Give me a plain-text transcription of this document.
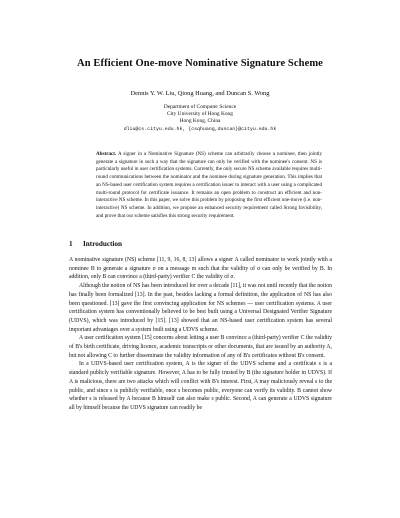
An Efficient One-move Nominative Signature Scheme

Dennis Y. W. Liu, Qiong Huang, and Duncan S. Wong

Department of Computer Science
City University of Hong Kong
Hong Kong, China
dliu@cs.cityu.edu.hk, {csqhuang,duncan}@cityu.edu.hk

Abstract. A signer in a Nominative Signature (NS) scheme can arbitrarily choose a nominee, then jointly generate a signature in such a way that the signature can only be verified with the nominee's consent. NS is particularly useful in user certification systems. Currently, the only secure NS scheme available requires multi-round communications between the nominator and the nominee during signature generation. This implies that an NS-based user certification system requires a certification issuer to interact with a user using a complicated multi-round protocol for certificate issuance. It remains an open problem to construct an efficient and non-interactive NS scheme. In this paper, we solve this problem by proposing the first efficient one-move (i.e. non-interactive) NS scheme. In addition, we propose an enhanced security requirement called Strong Invisibility, and prove that our scheme satisfies this strong security requirement.

1 Introduction

A nominative signature (NS) scheme [11, 9, 16, 8, 13] allows a signer A called nominator to work jointly with a nominee B to generate a signature σ on a message m such that the validity of σ can only be verified by B. In addition, only B can convince a (third-party) verifier C the validity of σ.

Although the notion of NS has been introduced for over a decade [11], it was not until recently that the notion has finally been formalized [13]. In the past, besides lacking a formal definition, the application of NS has also been questioned. [13] gave the first convincing application for NS schemes — user certification systems. A user certification system has conventionally believed to be best built using a Universal Designated Verifier Signature (UDVS), which was introduced by [15]. [13] showed that an NS-based user certification system has several important advantages over a system built using a UDVS scheme.

A user certification system [15] concerns about letting a user B convince a (third-party) verifier C the validity of B's birth certificate, driving licence, academic transcripts or other documents, that are issued by an authority A, but not allowing C to further disseminate the validity information of any of B's certificates without B's consent.

In a UDVS-based user certification system, A is the signer of the UDVS scheme and a certificate s is a standard publicly verifiable signature. However, A has to be fully trusted by B (the signature holder in UDVS). If A is malicious, there are two attacks which will conflict with B's interest. First, A may maliciously reveal s to the public, and since s is publicly verifiable, once s becomes public, everyone can verify its validity. B cannot show whether s is released by A because B himself can also make s public. Second, A can generate a UDVS signature all by himself because the UDVS signature can readily be
